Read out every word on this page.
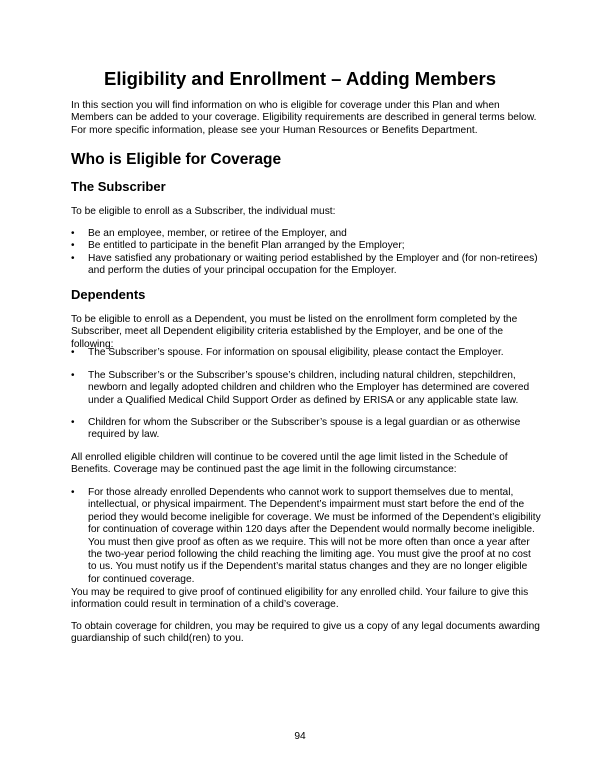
Eligibility and Enrollment – Adding Members

In this section you will find information on who is eligible for coverage under this Plan and when Members can be added to your coverage. Eligibility requirements are described in general terms below. For more specific information, please see your Human Resources or Benefits Department.

Who is Eligible for Coverage
The Subscriber

To be eligible to enroll as a Subscriber, the individual must:

• Be an employee, member, or retiree of the Employer, and
• Be entitled to participate in the benefit Plan arranged by the Employer;
• Have satisfied any probationary or waiting period established by the Employer and (for non-retirees) and perform the duties of your principal occupation for the Employer.
Dependents

To be eligible to enroll as a Dependent, you must be listed on the enrollment form completed by the Subscriber, meet all Dependent eligibility criteria established by the Employer, and be one of the following:

• The Subscriber’s spouse. For information on spousal eligibility, please contact the Employer.
• The Subscriber’s or the Subscriber’s spouse’s children, including natural children, stepchildren, newborn and legally adopted children and children who the Employer has determined are covered under a Qualified Medical Child Support Order as defined by ERISA or any applicable state law.
• Children for whom the Subscriber or the Subscriber’s spouse is a legal guardian or as otherwise required by law.

All enrolled eligible children will continue to be covered until the age limit listed in the Schedule of Benefits. Coverage may be continued past the age limit in the following circumstance:

• For those already enrolled Dependents who cannot work to support themselves due to mental, intellectual, or physical impairment. The Dependent’s impairment must start before the end of the period they would become ineligible for coverage. We must be informed of the Dependent’s eligibility for continuation of coverage within 120 days after the Dependent would normally become ineligible. You must then give proof as often as we require. This will not be more often than once a year after the two-year period following the child reaching the limiting age. You must give the proof at no cost to us. You must notify us if the Dependent’s marital status changes and they are no longer eligible for continued coverage.

You may be required to give proof of continued eligibility for any enrolled child. Your failure to give this information could result in termination of a child’s coverage.

To obtain coverage for children, you may be required to give us a copy of any legal documents awarding guardianship of such child(ren) to you.

94
